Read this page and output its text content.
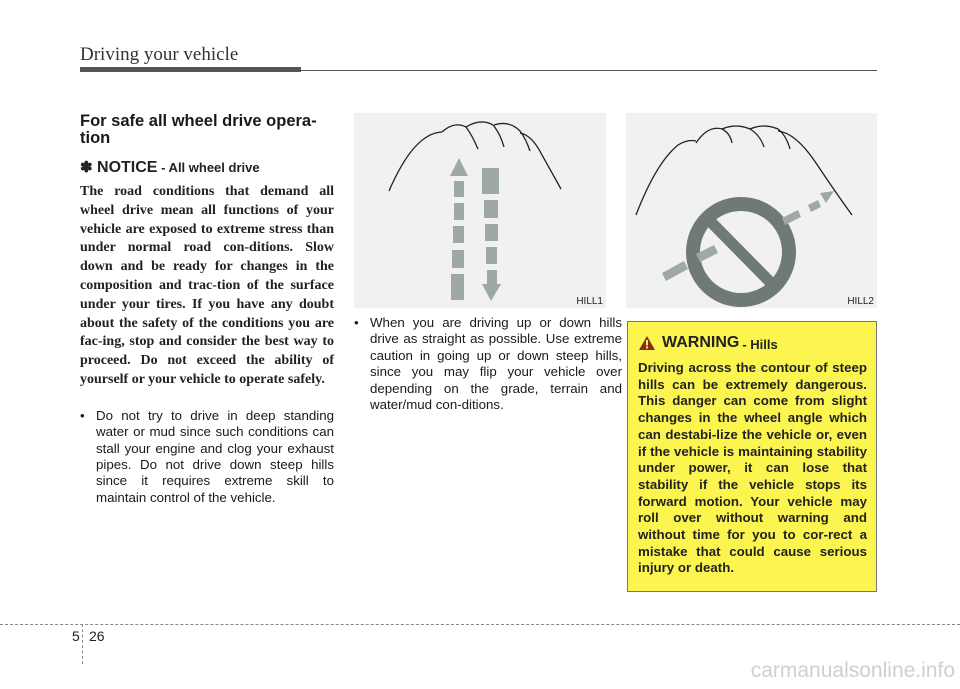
Driving your vehicle
For safe all wheel drive opera-tion
✽ NOTICE - All wheel drive

The road conditions that demand all wheel drive mean all functions of your vehicle are exposed to extreme stress than under normal road con-ditions. Slow down and be ready for changes in the composition and trac-tion of the surface under your tires. If you have any doubt about the safety of the conditions you are fac-ing, stop and consider the best way to proceed. Do not exceed the ability of yourself or your vehicle to operate safely.

• Do not try to drive in deep standing water or mud since such conditions can stall your engine and clog your exhaust pipes. Do not drive down steep hills since it requires extreme skill to maintain control of the vehicle.

HILL1

• When you are driving up or down hills drive as straight as possible. Use extreme caution in going up or down steep hills, since you may flip your vehicle over depending on the grade, terrain and water/mud con-ditions.

HILL2
WARNING - Hills

Driving across the contour of steep hills can be extremely dangerous. This danger can come from slight changes in the wheel angle which can destabi-lize the vehicle or, even if the vehicle is maintaining stability under power, it can lose that stability if the vehicle stops its forward motion. Your vehicle may roll over without warning and without time for you to cor-rect a mistake that could cause serious injury or death.

5 26
carmanualsonline.info
